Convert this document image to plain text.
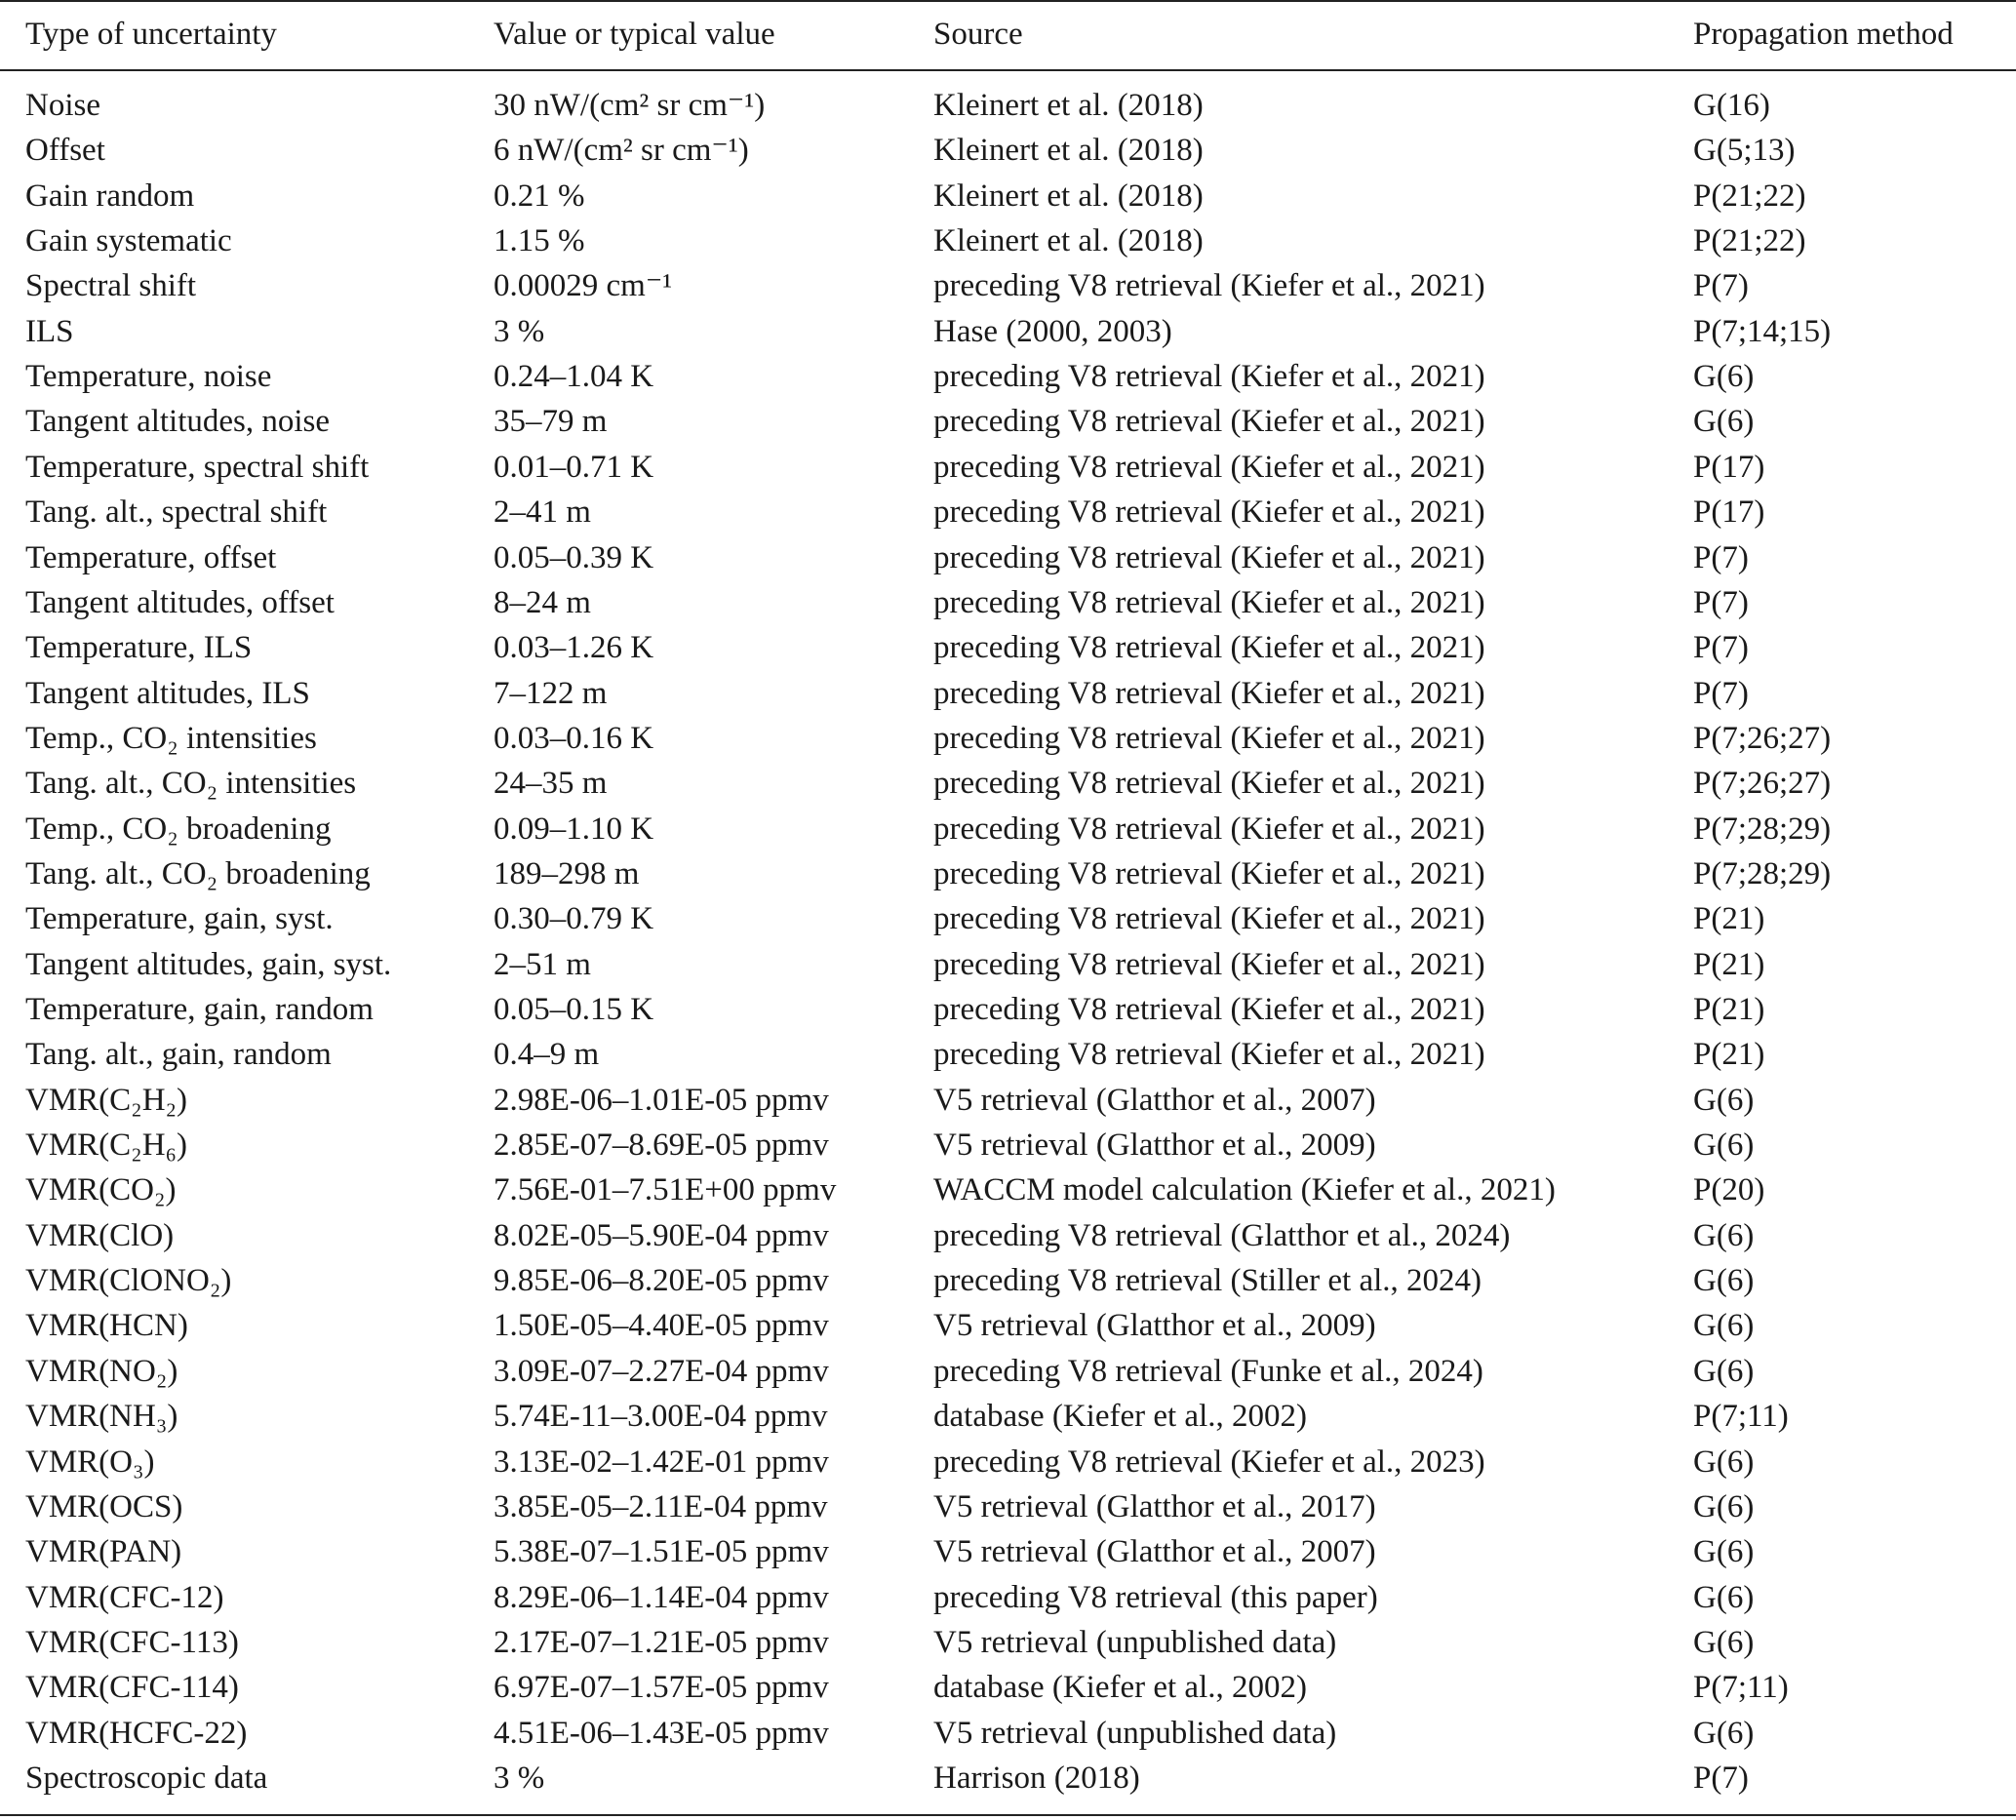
Type of uncertainty	Value or typical value	Source	Propagation method
Noise	30 nW/(cm² sr cm⁻¹)	Kleinert et al. (2018)	G(16)
Offset	6 nW/(cm² sr cm⁻¹)	Kleinert et al. (2018)	G(5;13)
Gain random	0.21 %	Kleinert et al. (2018)	P(21;22)
Gain systematic	1.15 %	Kleinert et al. (2018)	P(21;22)
Spectral shift	0.00029 cm⁻¹	preceding V8 retrieval (Kiefer et al., 2021)	P(7)
ILS	3 %	Hase (2000, 2003)	P(7;14;15)
Temperature, noise	0.24–1.04 K	preceding V8 retrieval (Kiefer et al., 2021)	G(6)
Tangent altitudes, noise	35–79 m	preceding V8 retrieval (Kiefer et al., 2021)	G(6)
Temperature, spectral shift	0.01–0.71 K	preceding V8 retrieval (Kiefer et al., 2021)	P(17)
Tang. alt., spectral shift	2–41 m	preceding V8 retrieval (Kiefer et al., 2021)	P(17)
Temperature, offset	0.05–0.39 K	preceding V8 retrieval (Kiefer et al., 2021)	P(7)
Tangent altitudes, offset	8–24 m	preceding V8 retrieval (Kiefer et al., 2021)	P(7)
Temperature, ILS	0.03–1.26 K	preceding V8 retrieval (Kiefer et al., 2021)	P(7)
Tangent altitudes, ILS	7–122 m	preceding V8 retrieval (Kiefer et al., 2021)	P(7)
Temp., CO₂ intensities	0.03–0.16 K	preceding V8 retrieval (Kiefer et al., 2021)	P(7;26;27)
Tang. alt., CO₂ intensities	24–35 m	preceding V8 retrieval (Kiefer et al., 2021)	P(7;26;27)
Temp., CO₂ broadening	0.09–1.10 K	preceding V8 retrieval (Kiefer et al., 2021)	P(7;28;29)
Tang. alt., CO₂ broadening	189–298 m	preceding V8 retrieval (Kiefer et al., 2021)	P(7;28;29)
Temperature, gain, syst.	0.30–0.79 K	preceding V8 retrieval (Kiefer et al., 2021)	P(21)
Tangent altitudes, gain, syst.	2–51 m	preceding V8 retrieval (Kiefer et al., 2021)	P(21)
Temperature, gain, random	0.05–0.15 K	preceding V8 retrieval (Kiefer et al., 2021)	P(21)
Tang. alt., gain, random	0.4–9 m	preceding V8 retrieval (Kiefer et al., 2021)	P(21)
VMR(C₂H₂)	2.98E-06–1.01E-05 ppmv	V5 retrieval (Glatthor et al., 2007)	G(6)
VMR(C₂H₆)	2.85E-07–8.69E-05 ppmv	V5 retrieval (Glatthor et al., 2009)	G(6)
VMR(CO₂)	7.56E-01–7.51E+00 ppmv	WACCM model calculation (Kiefer et al., 2021)	P(20)
VMR(ClO)	8.02E-05–5.90E-04 ppmv	preceding V8 retrieval (Glatthor et al., 2024)	G(6)
VMR(ClONO₂)	9.85E-06–8.20E-05 ppmv	preceding V8 retrieval (Stiller et al., 2024)	G(6)
VMR(HCN)	1.50E-05–4.40E-05 ppmv	V5 retrieval (Glatthor et al., 2009)	G(6)
VMR(NO₂)	3.09E-07–2.27E-04 ppmv	preceding V8 retrieval (Funke et al., 2024)	G(6)
VMR(NH₃)	5.74E-11–3.00E-04 ppmv	database (Kiefer et al., 2002)	P(7;11)
VMR(O₃)	3.13E-02–1.42E-01 ppmv	preceding V8 retrieval (Kiefer et al., 2023)	G(6)
VMR(OCS)	3.85E-05–2.11E-04 ppmv	V5 retrieval (Glatthor et al., 2017)	G(6)
VMR(PAN)	5.38E-07–1.51E-05 ppmv	V5 retrieval (Glatthor et al., 2007)	G(6)
VMR(CFC-12)	8.29E-06–1.14E-04 ppmv	preceding V8 retrieval (this paper)	G(6)
VMR(CFC-113)	2.17E-07–1.21E-05 ppmv	V5 retrieval (unpublished data)	G(6)
VMR(CFC-114)	6.97E-07–1.57E-05 ppmv	database (Kiefer et al., 2002)	P(7;11)
VMR(HCFC-22)	4.51E-06–1.43E-05 ppmv	V5 retrieval (unpublished data)	G(6)
Spectroscopic data	3 %	Harrison (2018)	P(7)
